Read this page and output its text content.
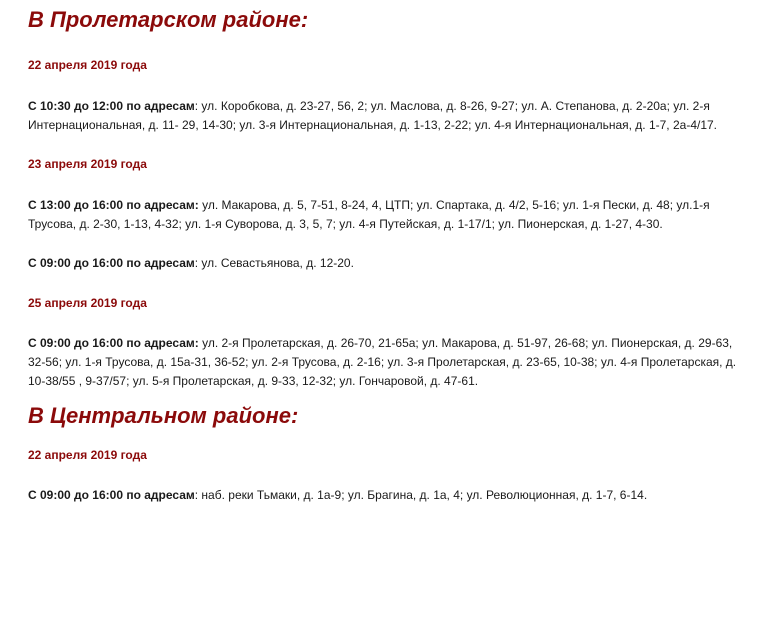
В Пролетарском районе:
22 апреля 2019 года

С 10:30 до 12:00 по адресам: ул. Коробкова, д. 23-27, 56, 2; ул. Маслова, д. 8-26, 9-27; ул. А. Степанова, д. 2-20а; ул. 2-я Интернациональная, д. 11- 29, 14-30; ул. 3-я Интернациональная, д. 1-13, 2-22; ул. 4-я Интернациональная, д. 1-7, 2а-4/17.

23 апреля 2019 года

С 13:00 до 16:00 по адресам: ул. Макарова, д. 5, 7-51, 8-24, 4, ЦТП; ул. Спартака, д. 4/2, 5-16; ул. 1-я Пески, д. 48; ул.1-я Трусова, д. 2-30, 1-13, 4-32; ул. 1-я Суворова, д. 3, 5, 7; ул. 4-я Путейская, д. 1-17/1; ул. Пионерская, д. 1-27, 4-30.

С 09:00 до 16:00 по адресам: ул. Севастьянова, д. 12-20.

25 апреля 2019 года

С 09:00 до 16:00 по адресам: ул. 2-я Пролетарская, д. 26-70, 21-65а; ул. Макарова, д. 51-97, 26-68; ул. Пионерская, д. 29-63, 32-56; ул. 1-я Трусова, д. 15а-31, 36-52; ул. 2-я Трусова, д. 2-16; ул. 3-я Пролетарская, д. 23-65, 10-38; ул. 4-я Пролетарская, д. 10-38/55 , 9-37/57; ул. 5-я Пролетарская, д. 9-33, 12-32; ул. Гончаровой, д. 47-61.

В Центральном районе:
22 апреля 2019 года

С 09:00 до 16:00 по адресам: наб. реки Тьмаки, д. 1а-9; ул. Брагина, д. 1а, 4; ул. Революционная, д. 1-7, 6-14.
